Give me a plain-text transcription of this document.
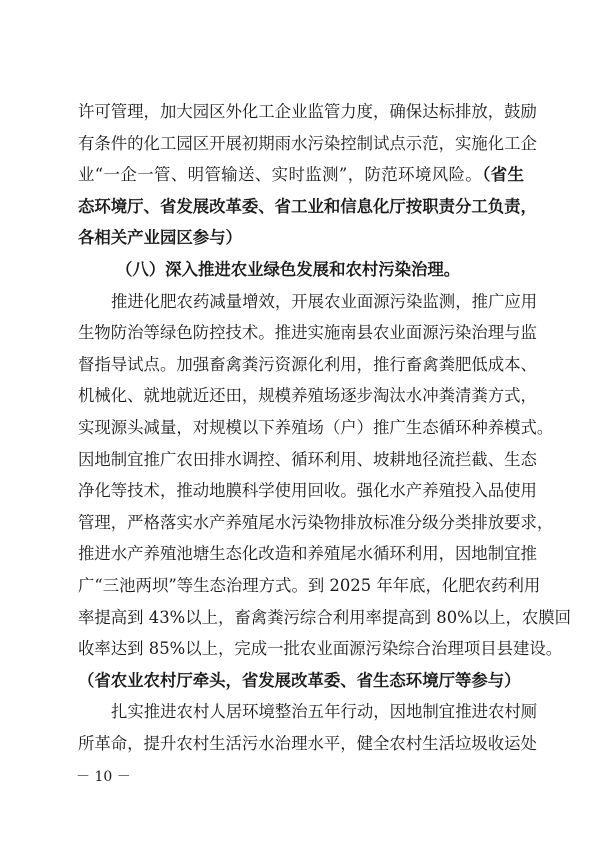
许可管理，加大园区外化工企业监管力度，确保达标排放，鼓励
有条件的化工园区开展初期雨水污染控制试点示范，实施化工企
业“一企一管、明管输送、实时监测”，防范环境风险。（省生
态环境厅、省发展改革委、省工业和信息化厅按职责分工负责，
各相关产业园区参与）
（八）深入推进农业绿色发展和农村污染治理。
推进化肥农药减量增效，开展农业面源污染监测，推广应用
生物防治等绿色防控技术。推进实施南县农业面源污染治理与监
督指导试点。加强畜禽粪污资源化利用，推行畜禽粪肥低成本、
机械化、就地就近还田，规模养殖场逐步淘汰水冲粪清粪方式，
实现源头减量，对规模以下养殖场（户）推广生态循环种养模式。
因地制宜推广农田排水调控、循环利用、坡耕地径流拦截、生态
净化等技术，推动地膜科学使用回收。强化水产养殖投入品使用
管理，严格落实水产养殖尾水污染物排放标准分级分类排放要求，
推进水产养殖池塘生态化改造和养殖尾水循环利用，因地制宜推
广“三池两坝”等生态治理方式。到 2025 年年底，化肥农药利用
率提高到 43%以上，畜禽粪污综合利用率提高到 80%以上，农膜回
收率达到 85%以上，完成一批农业面源污染综合治理项目县建设。
（省农业农村厅牵头，省发展改革委、省生态环境厅等参与）
扎实推进农村人居环境整治五年行动，因地制宜推进农村厕
所革命，提升农村生活污水治理水平，健全农村生活垃圾收运处
－ 10 －
